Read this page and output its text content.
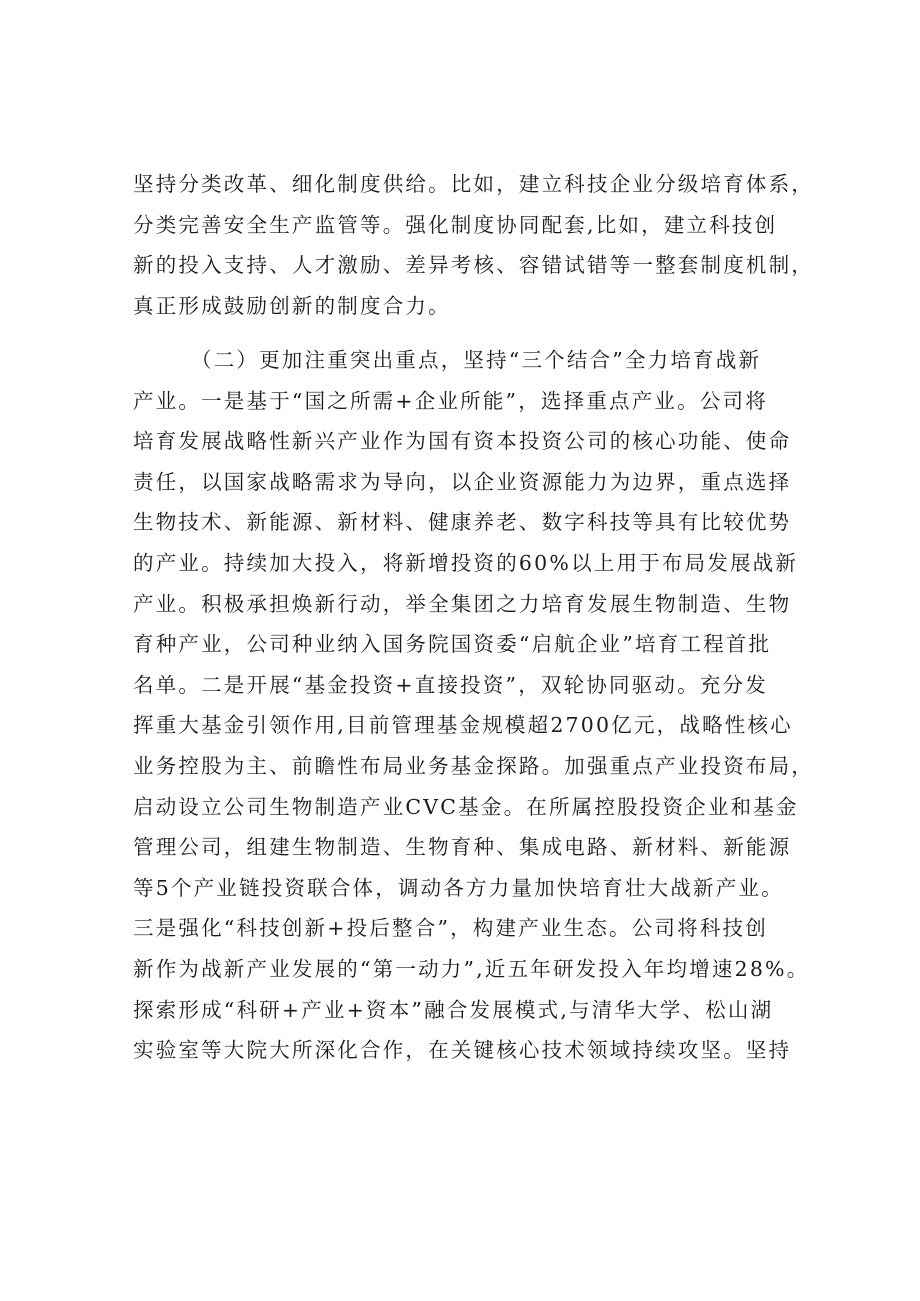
坚持分类改革、细化制度供给。比如，建立科技企业分级培育体系，
分类完善安全生产监管等。强化制度协同配套,比如，建立科技创
新的投入支持、人才激励、差异考核、容错试错等一整套制度机制，
真正形成鼓励创新的制度合力。
（二）更加注重突出重点，坚持“三个结合”全力培育战新
产业。一是基于“国之所需+企业所能”，选择重点产业。公司将
培育发展战略性新兴产业作为国有资本投资公司的核心功能、使命
责任，以国家战略需求为导向，以企业资源能力为边界，重点选择
生物技术、新能源、新材料、健康养老、数字科技等具有比较优势
的产业。持续加大投入，将新增投资的60%以上用于布局发展战新
产业。积极承担焕新行动，举全集团之力培育发展生物制造、生物
育种产业，公司种业纳入国务院国资委“启航企业”培育工程首批
名单。二是开展“基金投资+直接投资”，双轮协同驱动。充分发
挥重大基金引领作用,目前管理基金规模超2700亿元，战略性核心
业务控股为主、前瞻性布局业务基金探路。加强重点产业投资布局，
启动设立公司生物制造产业CVC基金。在所属控股投资企业和基金
管理公司，组建生物制造、生物育种、集成电路、新材料、新能源
等5个产业链投资联合体，调动各方力量加快培育壮大战新产业。
三是强化“科技创新+投后整合”，构建产业生态。公司将科技创
新作为战新产业发展的“第一动力”,近五年研发投入年均增速28%。
探索形成“科研+产业+资本”融合发展模式,与清华大学、松山湖
实验室等大院大所深化合作，在关键核心技术领域持续攻坚。坚持
